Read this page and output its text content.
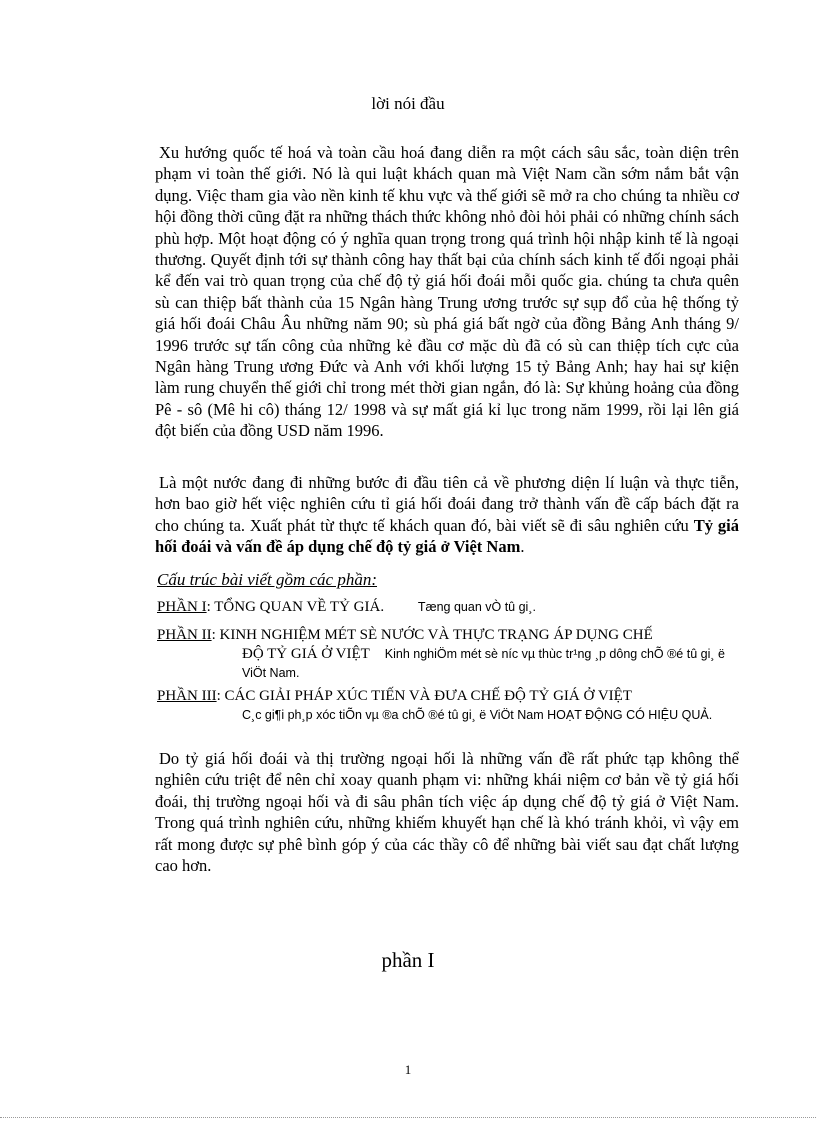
lời nói đầu

Xu hướng quốc tế hoá và toàn cầu hoá đang diễn ra một cách sâu sắc, toàn diện trên phạm vi toàn thế giới. Nó là qui luật khách quan mà Việt Nam cần sớm nắm bắt vận dụng. Việc tham gia vào nền kinh tế khu vực và thế giới sẽ mở ra cho chúng ta nhiều cơ hội đồng thời cũng đặt ra những thách thức không nhỏ đòi hỏi phải có những chính sách phù hợp. Một hoạt động có ý nghĩa quan trọng trong quá trình hội nhập kinh tế là ngoại thương. Quyết định tới sự thành công hay thất bại của chính sách kinh tế đối ngoại phải kể đến vai trò quan trọng của chế độ tỷ giá hối đoái mỗi quốc gia. chúng ta chưa quên sù can thiệp bất thành của 15 Ngân hàng Trung ương trước sự sụp đổ của hệ thống tỷ giá hối đoái Châu Âu những năm 90; sù phá giá bất ngờ của đồng Bảng Anh tháng 9/ 1996 trước sự tấn công của những kẻ đầu cơ mặc dù đã có sù can thiệp tích cực của Ngân hàng Trung ương Đức và Anh với khối lượng 15 tỷ Bảng Anh; hay hai sự kiện làm rung chuyển thế giới chỉ trong mét thời gian ngắn, đó là: Sự khủng hoảng của đồng Pê - sô (Mê hi cô) tháng 12/ 1998 và sự mất giá kỉ lục trong năm 1999, rồi lại lên giá đột biến của đồng USD năm 1996.

Là một nước đang đi những bước đi đầu tiên cả về phương diện lí luận và thực tiễn, hơn bao giờ hết việc nghiên cứu tỉ giá hối đoái đang trở thành vấn đề cấp bách đặt ra cho chúng ta. Xuất phát từ thực tế khách quan đó, bài viết sẽ đi sâu nghiên cứu Tỷ giá hối đoái và vấn đề áp dụng chế độ tỷ giá ở Việt Nam.

Cấu trúc bài viết gồm các phần:
PHẦN I: TỔNG QUAN VỀ TỶ GIÁ.	Tæng quan vÒ tû gi¸.
PHẦN II: KINH NGHIỆM MÉT SÈ NƯỚC VÀ THỰC TRẠNG ÁP DỤNG CHẾ
ĐỘ TỶ GIÁ Ở VIỆT Kinh nghiÖm mét sè níc vµ thùc tr¹ng ¸p dông chÕ ®é tû gi¸ ë ViÖt Nam.
PHẦN III: CÁC GIẢI PHÁP XÚC TIẾN VÀ ĐƯA CHẾ ĐỘ TỶ GIÁ Ở VIỆT
C¸c gi¶i ph¸p xóc tiÕn vµ ®a chÕ ®é tû gi¸ ë ViÖt Nam HOẠT ĐỘNG CÓ HIỆU QUẢ.

Do tỷ giá hối đoái và thị trường ngoại hối là những vấn đề rất phức tạp không thể nghiên cứu triệt để nên chỉ xoay quanh phạm vi: những khái niệm cơ bản về tỷ giá hối đoái, thị trường ngoại hối và đi sâu phân tích việc áp dụng chế độ tỷ giá ở Việt Nam. Trong quá trình nghiên cứu, những khiếm khuyết hạn chế là khó tránh khỏi, vì vậy em rất mong được sự phê bình góp ý của các thầy cô để những bài viết sau đạt chất lượng cao hơn.

phần I
1
